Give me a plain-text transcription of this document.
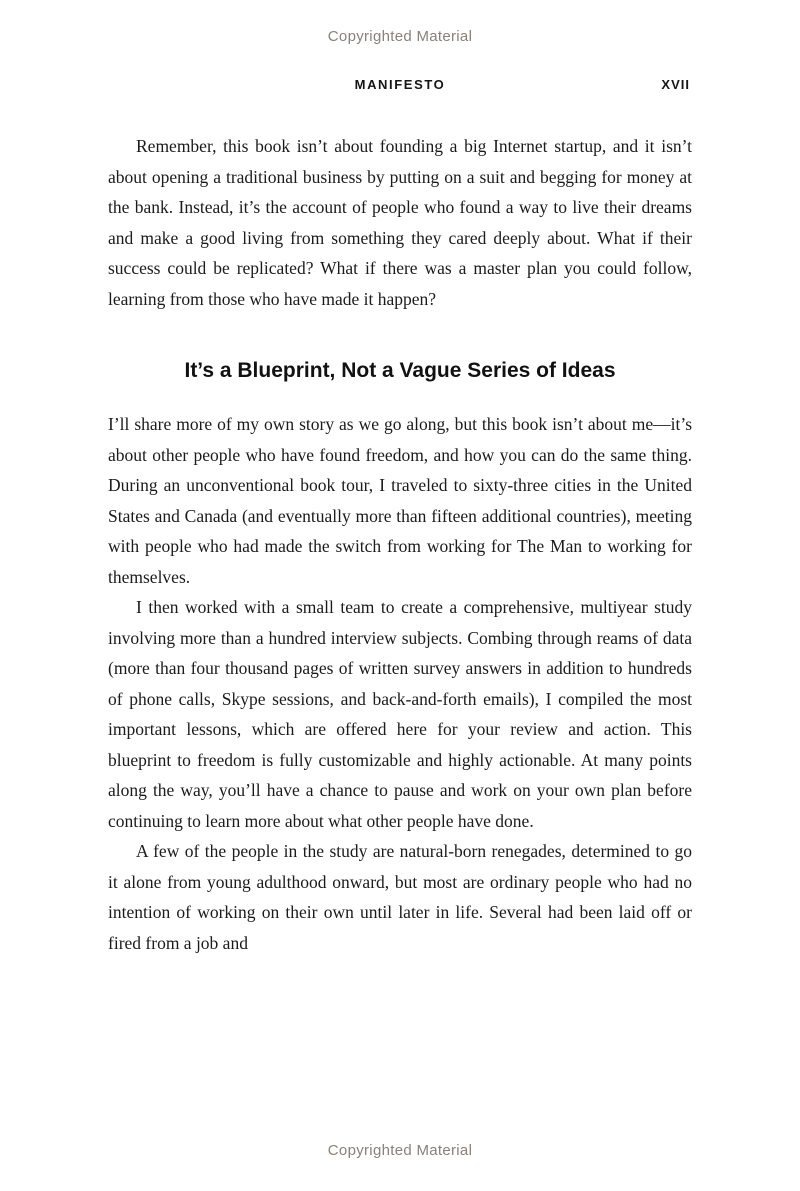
Copyrighted Material
MANIFESTO	XVII

Remember, this book isn’t about founding a big Internet startup, and it isn’t about opening a traditional business by putting on a suit and begging for money at the bank. Instead, it’s the account of people who found a way to live their dreams and make a good living from something they cared deeply about. What if their success could be replicated? What if there was a master plan you could follow, learning from those who have made it happen?

It’s a Blueprint, Not a Vague Series of Ideas

I’ll share more of my own story as we go along, but this book isn’t about me—it’s about other people who have found freedom, and how you can do the same thing. During an unconventional book tour, I traveled to sixty-three cities in the United States and Canada (and eventually more than fifteen additional countries), meeting with people who had made the switch from working for The Man to working for themselves.

I then worked with a small team to create a comprehensive, multiyear study involving more than a hundred interview subjects. Combing through reams of data (more than four thousand pages of written survey answers in addition to hundreds of phone calls, Skype sessions, and back-and-forth emails), I compiled the most important lessons, which are offered here for your review and action. This blueprint to freedom is fully customizable and highly actionable. At many points along the way, you’ll have a chance to pause and work on your own plan before continuing to learn more about what other people have done.

A few of the people in the study are natural-born renegades, determined to go it alone from young adulthood onward, but most are ordinary people who had no intention of working on their own until later in life. Several had been laid off or fired from a job and

Copyrighted Material
